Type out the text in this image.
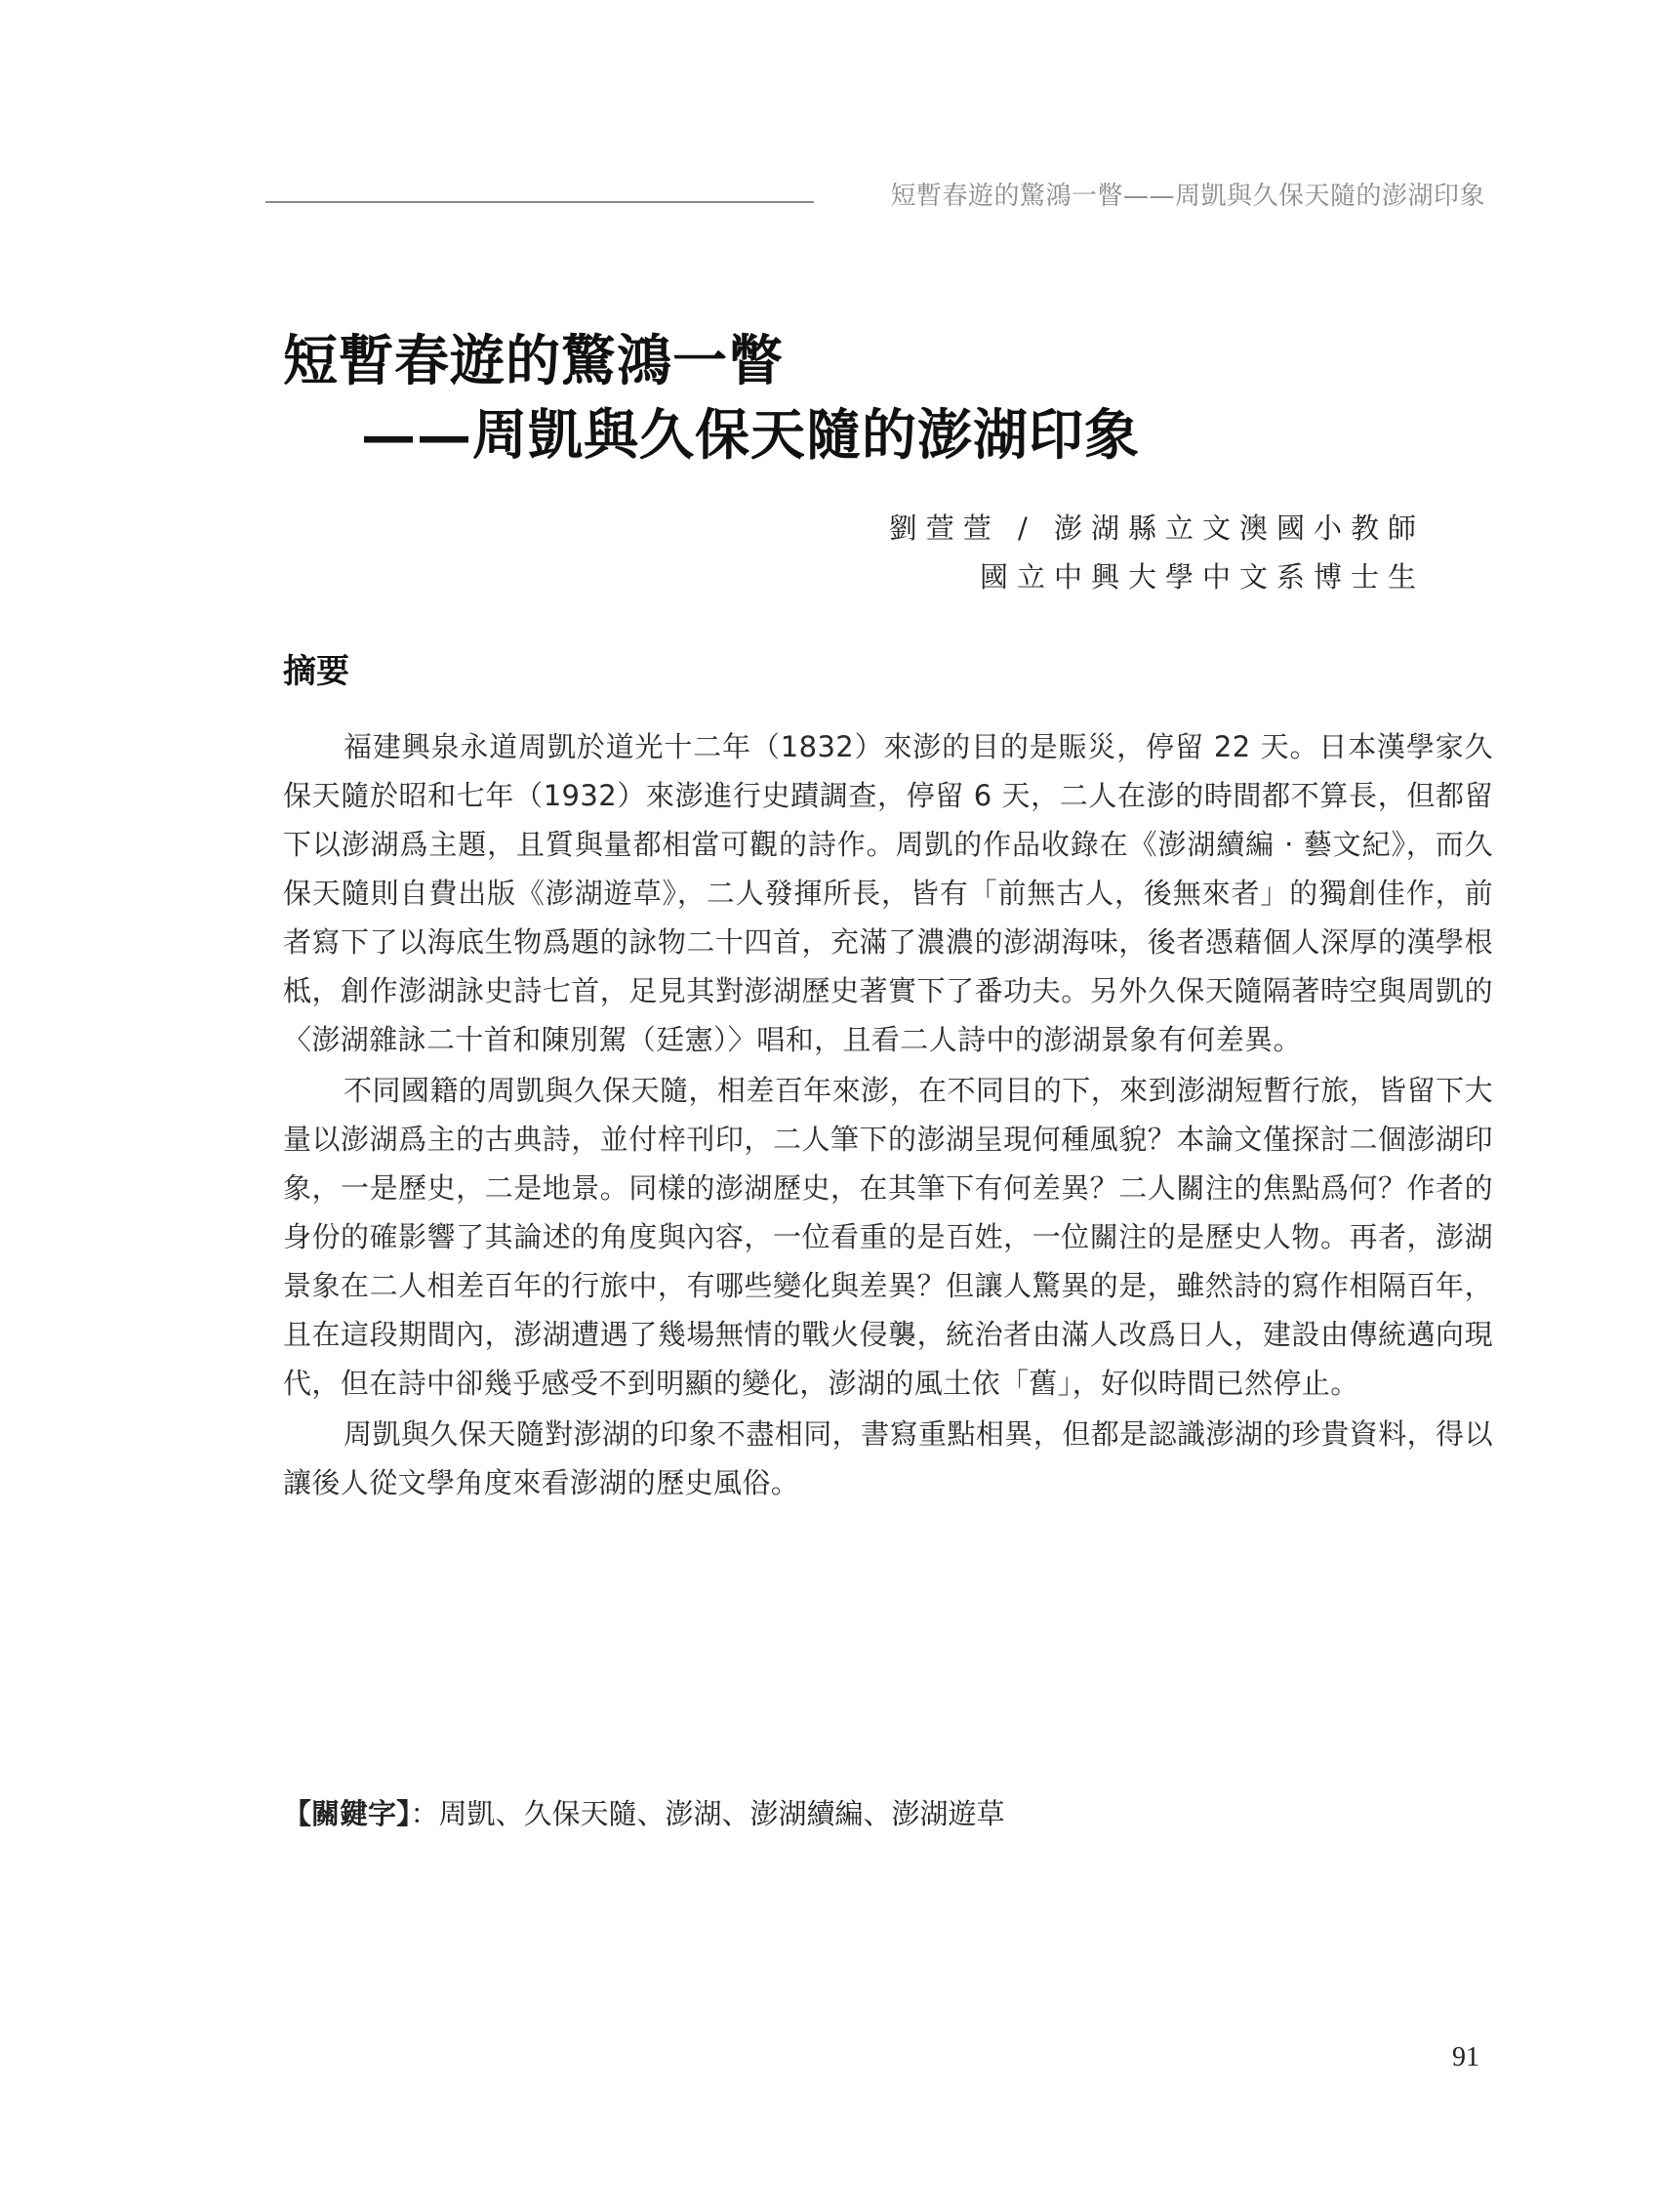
短暫春遊的驚鴻一瞥——周凱與久保天隨的澎湖印象
短暫春遊的驚鴻一瞥
——周凱與久保天隨的澎湖印象
劉萱萱 / 澎湖縣立文澳國小教師
國立中興大學中文系博士生
摘要

福建興泉永道周凱於道光十二年（1832）來澎的目的是賑災，停留 22 天。日本漢學家久保天隨於昭和七年（1932）來澎進行史蹟調查，停留 6 天，二人在澎的時間都不算長，但都留下以澎湖爲主題，且質與量都相當可觀的詩作。周凱的作品收錄在《澎湖續編 · 藝文紀》，而久保天隨則自費出版《澎湖遊草》，二人發揮所長，皆有「前無古人，後無來者」的獨創佳作，前者寫下了以海底生物爲題的詠物二十四首，充滿了濃濃的澎湖海味，後者憑藉個人深厚的漢學根柢，創作澎湖詠史詩七首，足見其對澎湖歷史著實下了番功夫。另外久保天隨隔著時空與周凱的〈澎湖雜詠二十首和陳別駕（廷憲）〉唱和，且看二人詩中的澎湖景象有何差異。

不同國籍的周凱與久保天隨，相差百年來澎，在不同目的下，來到澎湖短暫行旅，皆留下大量以澎湖爲主的古典詩，並付梓刊印，二人筆下的澎湖呈現何種風貌？本論文僅探討二個澎湖印象，一是歷史，二是地景。同樣的澎湖歷史，在其筆下有何差異？二人關注的焦點爲何？作者的身份的確影響了其論述的角度與內容，一位看重的是百姓，一位關注的是歷史人物。再者，澎湖景象在二人相差百年的行旅中，有哪些變化與差異？但讓人驚異的是，雖然詩的寫作相隔百年，且在這段期間內，澎湖遭遇了幾場無情的戰火侵襲，統治者由滿人改爲日人，建設由傳統邁向現代，但在詩中卻幾乎感受不到明顯的變化，澎湖的風土依「舊」，好似時間已然停止。

周凱與久保天隨對澎湖的印象不盡相同，書寫重點相異，但都是認識澎湖的珍貴資料，得以讓後人從文學角度來看澎湖的歷史風俗。

【關鍵字】：周凱、久保天隨、澎湖、澎湖續編、澎湖遊草
91
